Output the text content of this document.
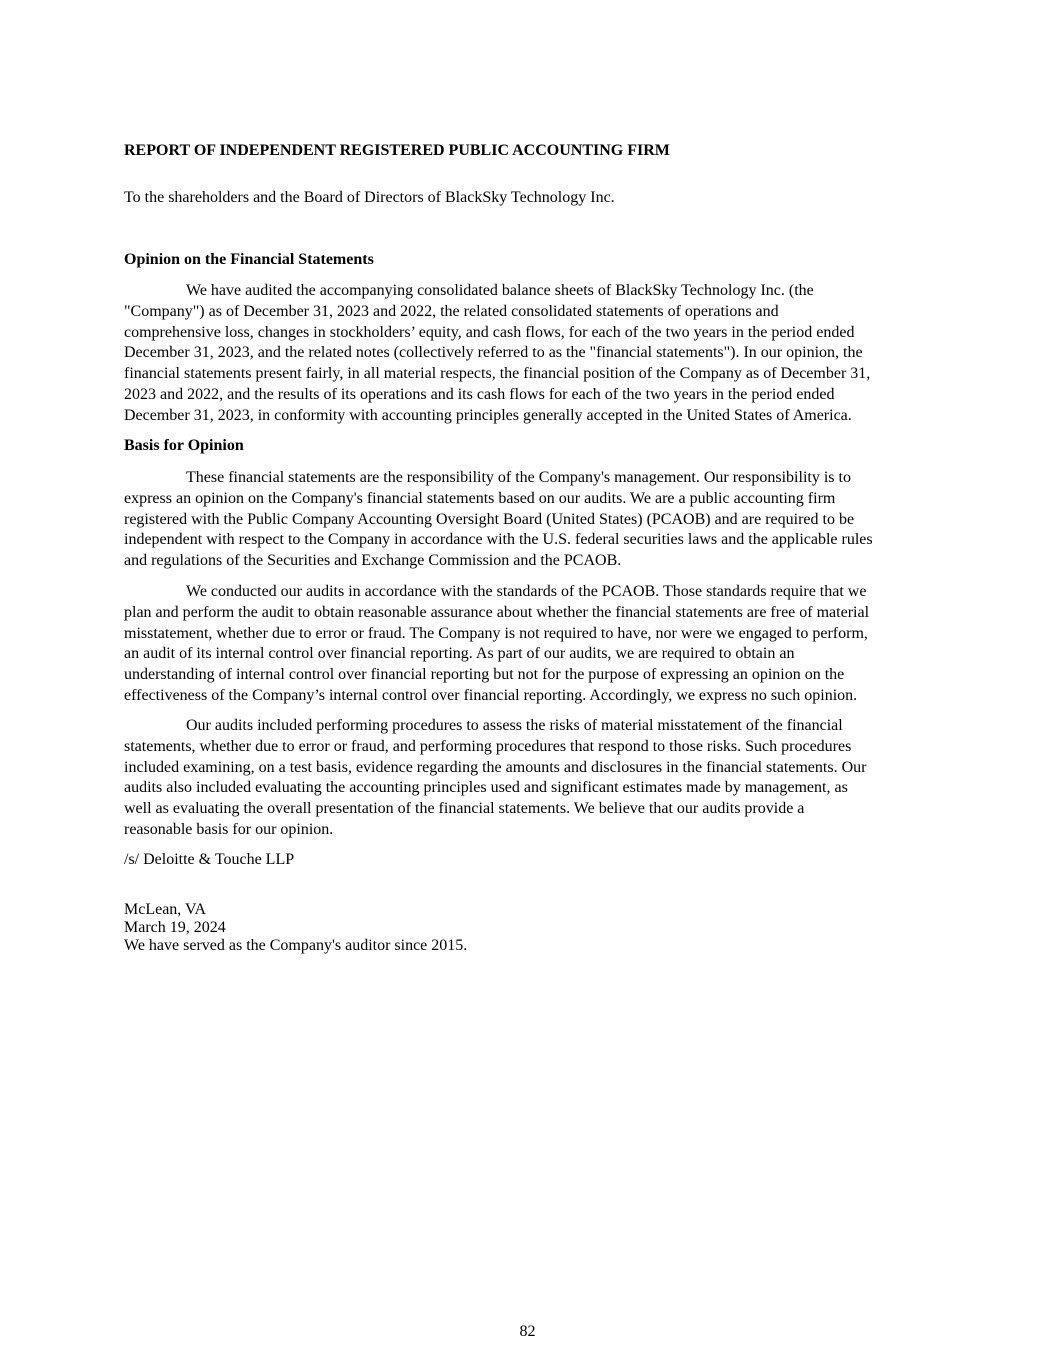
REPORT OF INDEPENDENT REGISTERED PUBLIC ACCOUNTING FIRM
To the shareholders and the Board of Directors of BlackSky Technology Inc.
Opinion on the Financial Statements
We have audited the accompanying consolidated balance sheets of BlackSky Technology Inc. (the
"Company") as of December 31, 2023 and 2022, the related consolidated statements of operations and
comprehensive loss, changes in stockholders’ equity, and cash flows, for each of the two years in the period ended
December 31, 2023, and the related notes (collectively referred to as the "financial statements"). In our opinion, the
financial statements present fairly, in all material respects, the financial position of the Company as of December 31,
2023 and 2022, and the results of its operations and its cash flows for each of the two years in the period ended
December 31, 2023, in conformity with accounting principles generally accepted in the United States of America.
Basis for Opinion
These financial statements are the responsibility of the Company's management. Our responsibility is to
express an opinion on the Company's financial statements based on our audits. We are a public accounting firm
registered with the Public Company Accounting Oversight Board (United States) (PCAOB) and are required to be
independent with respect to the Company in accordance with the U.S. federal securities laws and the applicable rules
and regulations of the Securities and Exchange Commission and the PCAOB.
We conducted our audits in accordance with the standards of the PCAOB. Those standards require that we
plan and perform the audit to obtain reasonable assurance about whether the financial statements are free of material
misstatement, whether due to error or fraud. The Company is not required to have, nor were we engaged to perform,
an audit of its internal control over financial reporting. As part of our audits, we are required to obtain an
understanding of internal control over financial reporting but not for the purpose of expressing an opinion on the
effectiveness of the Company’s internal control over financial reporting. Accordingly, we express no such opinion.
Our audits included performing procedures to assess the risks of material misstatement of the financial
statements, whether due to error or fraud, and performing procedures that respond to those risks. Such procedures
included examining, on a test basis, evidence regarding the amounts and disclosures in the financial statements. Our
audits also included evaluating the accounting principles used and significant estimates made by management, as
well as evaluating the overall presentation of the financial statements. We believe that our audits provide a
reasonable basis for our opinion.
/s/ Deloitte & Touche LLP
McLean, VA
March 19, 2024
We have served as the Company's auditor since 2015.
82
